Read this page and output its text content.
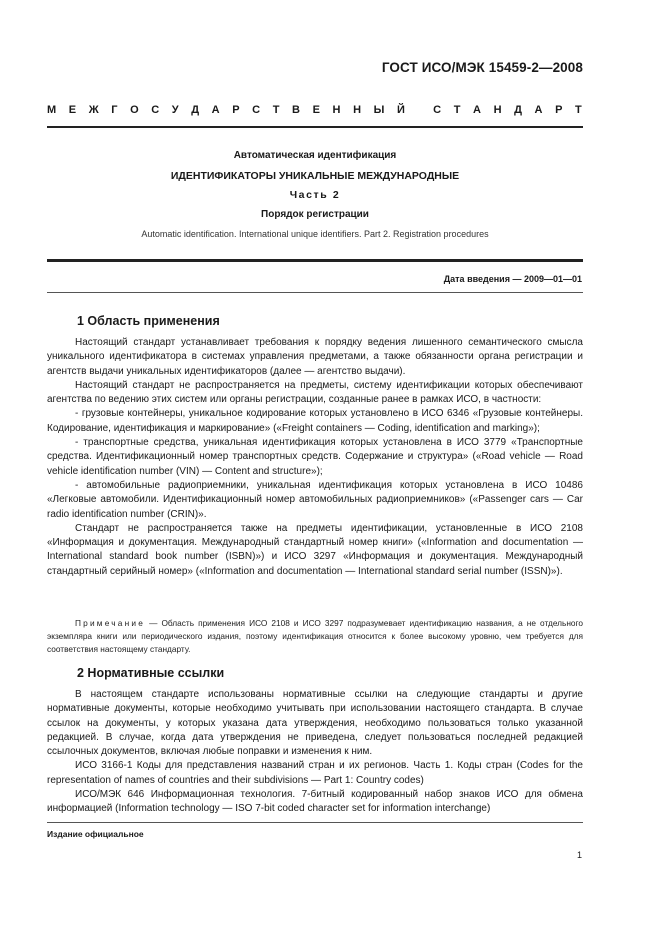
ГОСТ ИСО/МЭК 15459-2—2008
М Е Ж Г О С У Д А Р С Т В Е Н Н Ы Й
	С Т А Н Д А Р Т
Автоматическая идентификация
ИДЕНТИФИКАТОРЫ УНИКАЛЬНЫЕ МЕЖДУНАРОДНЫЕ
Часть 2
Порядок регистрации
Automatic identification. International unique identifiers. Part 2. Registration procedures
Дата введения — 2009—01—01
1 Область применения

Настоящий стандарт устанавливает требования к порядку ведения лишенного семантического смысла уникального идентификатора в системах управления предметами, а также обязанности органа регистрации и агентств выдачи уникальных идентификаторов (далее — агентство выдачи).

Настоящий стандарт не распространяется на предметы, систему идентификации которых обеспечивают агентства по ведению этих систем или органы регистрации, созданные ранее в рамках ИСО, в частности:

- грузовые контейнеры, уникальное кодирование которых установлено в ИСО 6346 «Грузовые контейнеры. Кодирование, идентификация и маркирование» («Freight containers — Coding, identification and marking»);

- транспортные средства, уникальная идентификация которых установлена в ИСО 3779 «Транспортные средства. Идентификационный номер транспортных средств. Содержание и структура» («Road vehicle — Road vehicle identification number (VIN) — Content and structure»);

- автомобильные радиоприемники, уникальная идентификация которых установлена в ИСО 10486 «Легковые автомобили. Идентификационный номер автомобильных радиоприемников» («Passenger cars — Car radio identification number (CRIN)».

Стандарт не распространяется также на предметы идентификации, установленные в ИСО 2108 «Информация и документация. Международный стандартный номер книги» («Information and documentation — International standard book number (ISBN)») и ИСО 3297 «Информация и документация. Международный стандартный серийный номер» («Information and documentation — International standard serial number (ISSN)»).

Примечание — Область применения ИСО 2108 и ИСО 3297 подразумевает идентификацию названия, а не отдельного экземпляра книги или периодического издания, поэтому идентификация относится к более высокому уровню, чем требуется для соответствия настоящему стандарту.

2 Нормативные ссылки

В настоящем стандарте использованы нормативные ссылки на следующие стандарты и другие нормативные документы, которые необходимо учитывать при использовании настоящего стандарта. В случае ссылок на документы, у которых указана дата утверждения, необходимо пользоваться только указанной редакцией. В случае, когда дата утверждения не приведена, следует пользоваться последней редакцией ссылочных документов, включая любые поправки и изменения к ним.

ИСО 3166-1 Коды для представления названий стран и их регионов. Часть 1. Коды стран (Codes for the representation of names of countries and their subdivisions — Part 1: Country codes)

ИСО/МЭК 646 Информационная технология. 7-битный кодированный набор знаков ИСО для обмена информацией (Information technology — ISO 7-bit coded character set for information interchange)

Издание официальное
1
